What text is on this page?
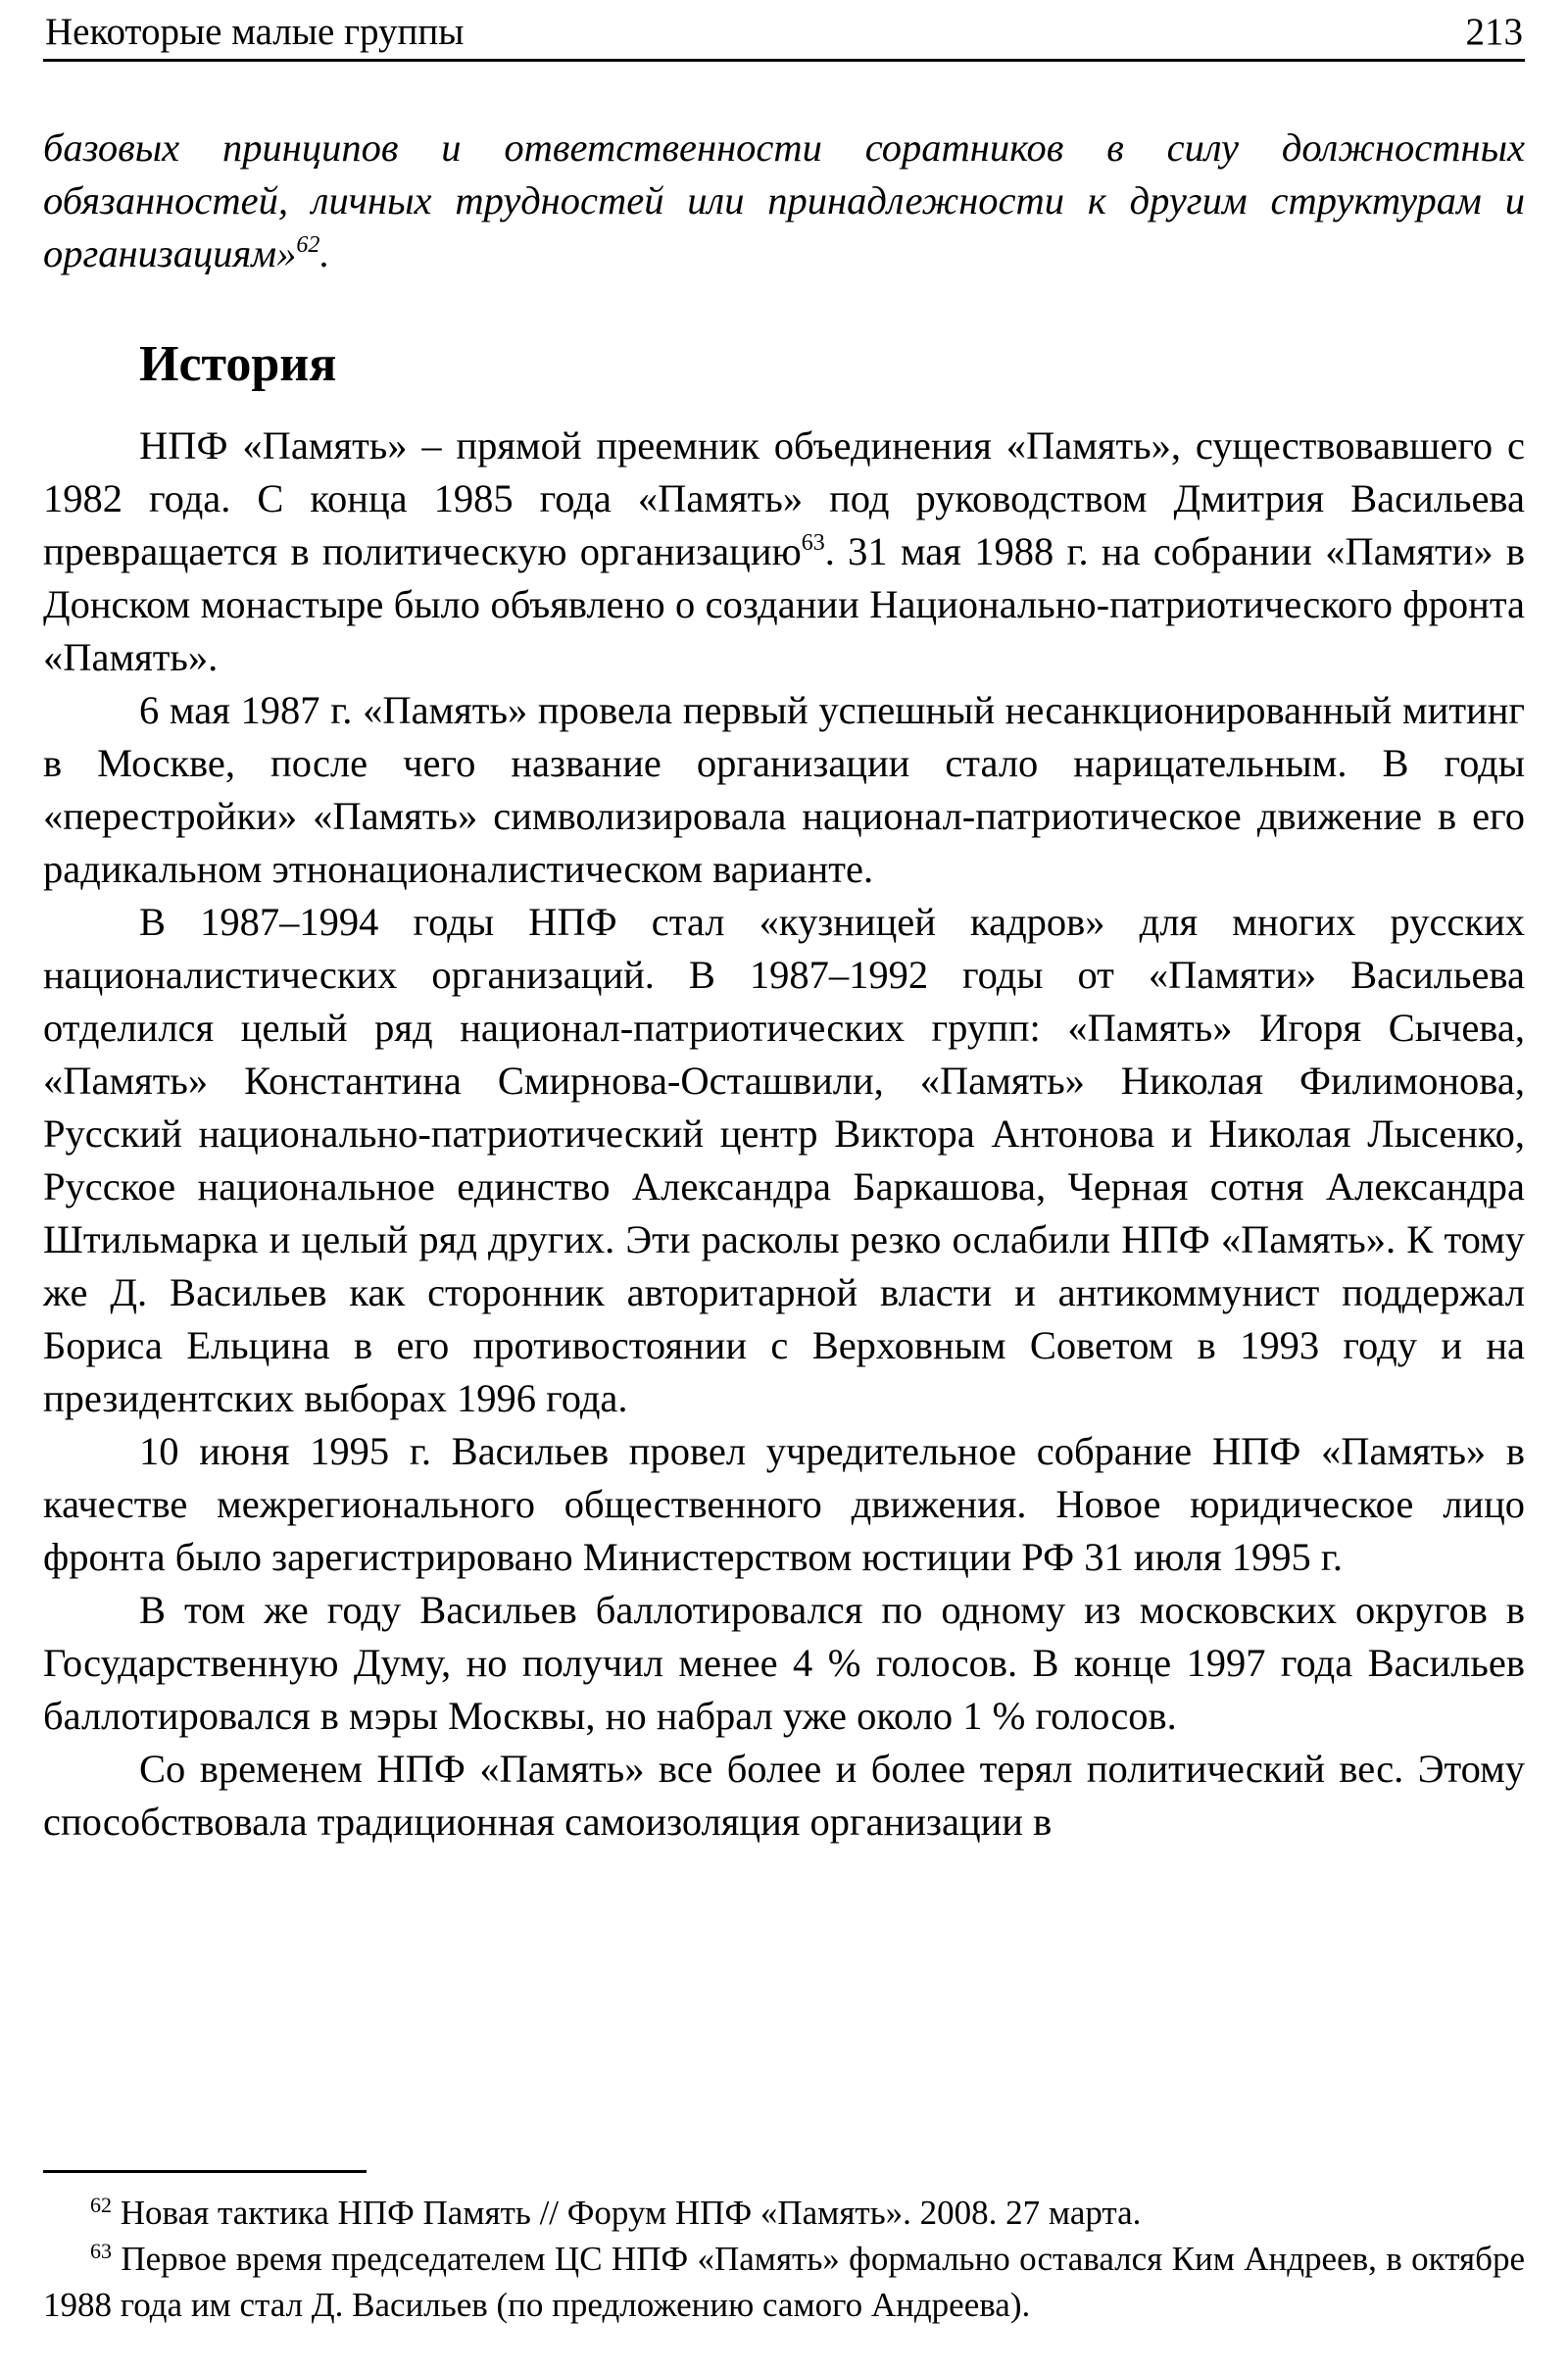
Некоторые малые группы	213

базовых принципов и ответственности соратников в силу должностных обязанностей, личных трудностей или принадлежности к другим структурам и организациям»$^{62}$.

История

НПФ «Память» – прямой преемник объединения «Память», существовавшего с 1982 года. С конца 1985 года «Память» под руководством Дмитрия Васильева превращается в политическую организацию$^{63}$. 31 мая 1988 г. на собрании «Памяти» в Донском монастыре было объявлено о создании Национально-патриотического фронта «Память».

6 мая 1987 г. «Память» провела первый успешный несанкционированный митинг в Москве, после чего название организации стало нарицательным. В годы «перестройки» «Память» символизировала национал-патриотическое движение в его радикальном этнонационалистическом варианте.

В 1987–1994 годы НПФ стал «кузницей кадров» для многих русских националистических организаций. В 1987–1992 годы от «Памяти» Васильева отделился целый ряд национал-патриотических групп: «Память» Игоря Сычева, «Память» Константина Смирнова-Осташвили, «Память» Николая Филимонова, Русский национально-патриотический центр Виктора Антонова и Николая Лысенко, Русское национальное единство Александра Баркашова, Черная сотня Александра Штильмарка и целый ряд других. Эти расколы резко ослабили НПФ «Память». К тому же Д. Васильев как сторонник авторитарной власти и антикоммунист поддержал Бориса Ельцина в его противостоянии с Верховным Советом в 1993 году и на президентских выборах 1996 года.

10 июня 1995 г. Васильев провел учредительное собрание НПФ «Память» в качестве межрегионального общественного движения. Новое юридическое лицо фронта было зарегистрировано Министерством юстиции РФ 31 июля 1995 г.

В том же году Васильев баллотировался по одному из московских округов в Государственную Думу, но получил менее 4 % голосов. В конце 1997 года Васильев баллотировался в мэры Москвы, но набрал уже около 1 % голосов.

Со временем НПФ «Память» все более и более терял политический вес. Этому способствовала традиционная самоизоляция организации в

$^{62}$ Новая тактика НПФ Память // Форум НПФ «Память». 2008. 27 марта.

$^{63}$ Первое время председателем ЦС НПФ «Память» формально оставался Ким Андреев, в октябре 1988 года им стал Д. Васильев (по предложению самого Андреева).
